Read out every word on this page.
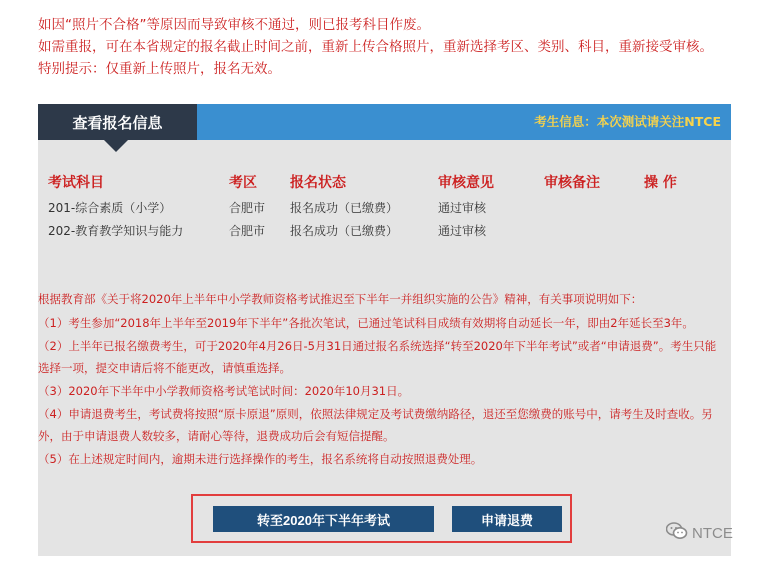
如因“照片不合格”等原因而导致审核不通过，则已报考科目作废。
如需重报，可在本省规定的报名截止时间之前，重新上传合格照片，重新选择考区、类别、科目，重新接受审核。
特别提示：仅重新上传照片，报名无效。
查看报名信息	考生信息：本次测试请关注NTCE
考试科目	考区 报名状态	审核意见	审核备注	操 作
201-综合素质（小学）	合肥市 报名成功（已缴费）	通过审核
202-教育教学知识与能力	合肥市 报名成功（已缴费）	通过审核
根据教育部《关于将2020年上半年中小学教师资格考试推迟至下半年一并组织实施的公告》精神，有关事项说明如下：
（1）考生参加“2018年上半年至2019年下半年”各批次笔试，已通过笔试科目成绩有效期将自动延长一年，即由2年延长至3年。
（2）上半年已报名缴费考生，可于2020年4月26日-5月31日通过报名系统选择“转至2020年下半年考试”或者“申请退费”。考生只能选择一项，提交申请后将不能更改，请慎重选择。
（3）2020年下半年中小学教师资格考试笔试时间：2020年10月31日。
（4）申请退费考生，考试费将按照“原卡原退”原则，依照法律规定及考试费缴纳路径，退还至您缴费的账号中，请考生及时查收。另外，由于申请退费人数较多，请耐心等待，退费成功后会有短信提醒。
（5）在上述规定时间内，逾期未进行选择操作的考生，报名系统将自动按照退费处理。
转至2020年下半年考试	申请退费
NTCE
